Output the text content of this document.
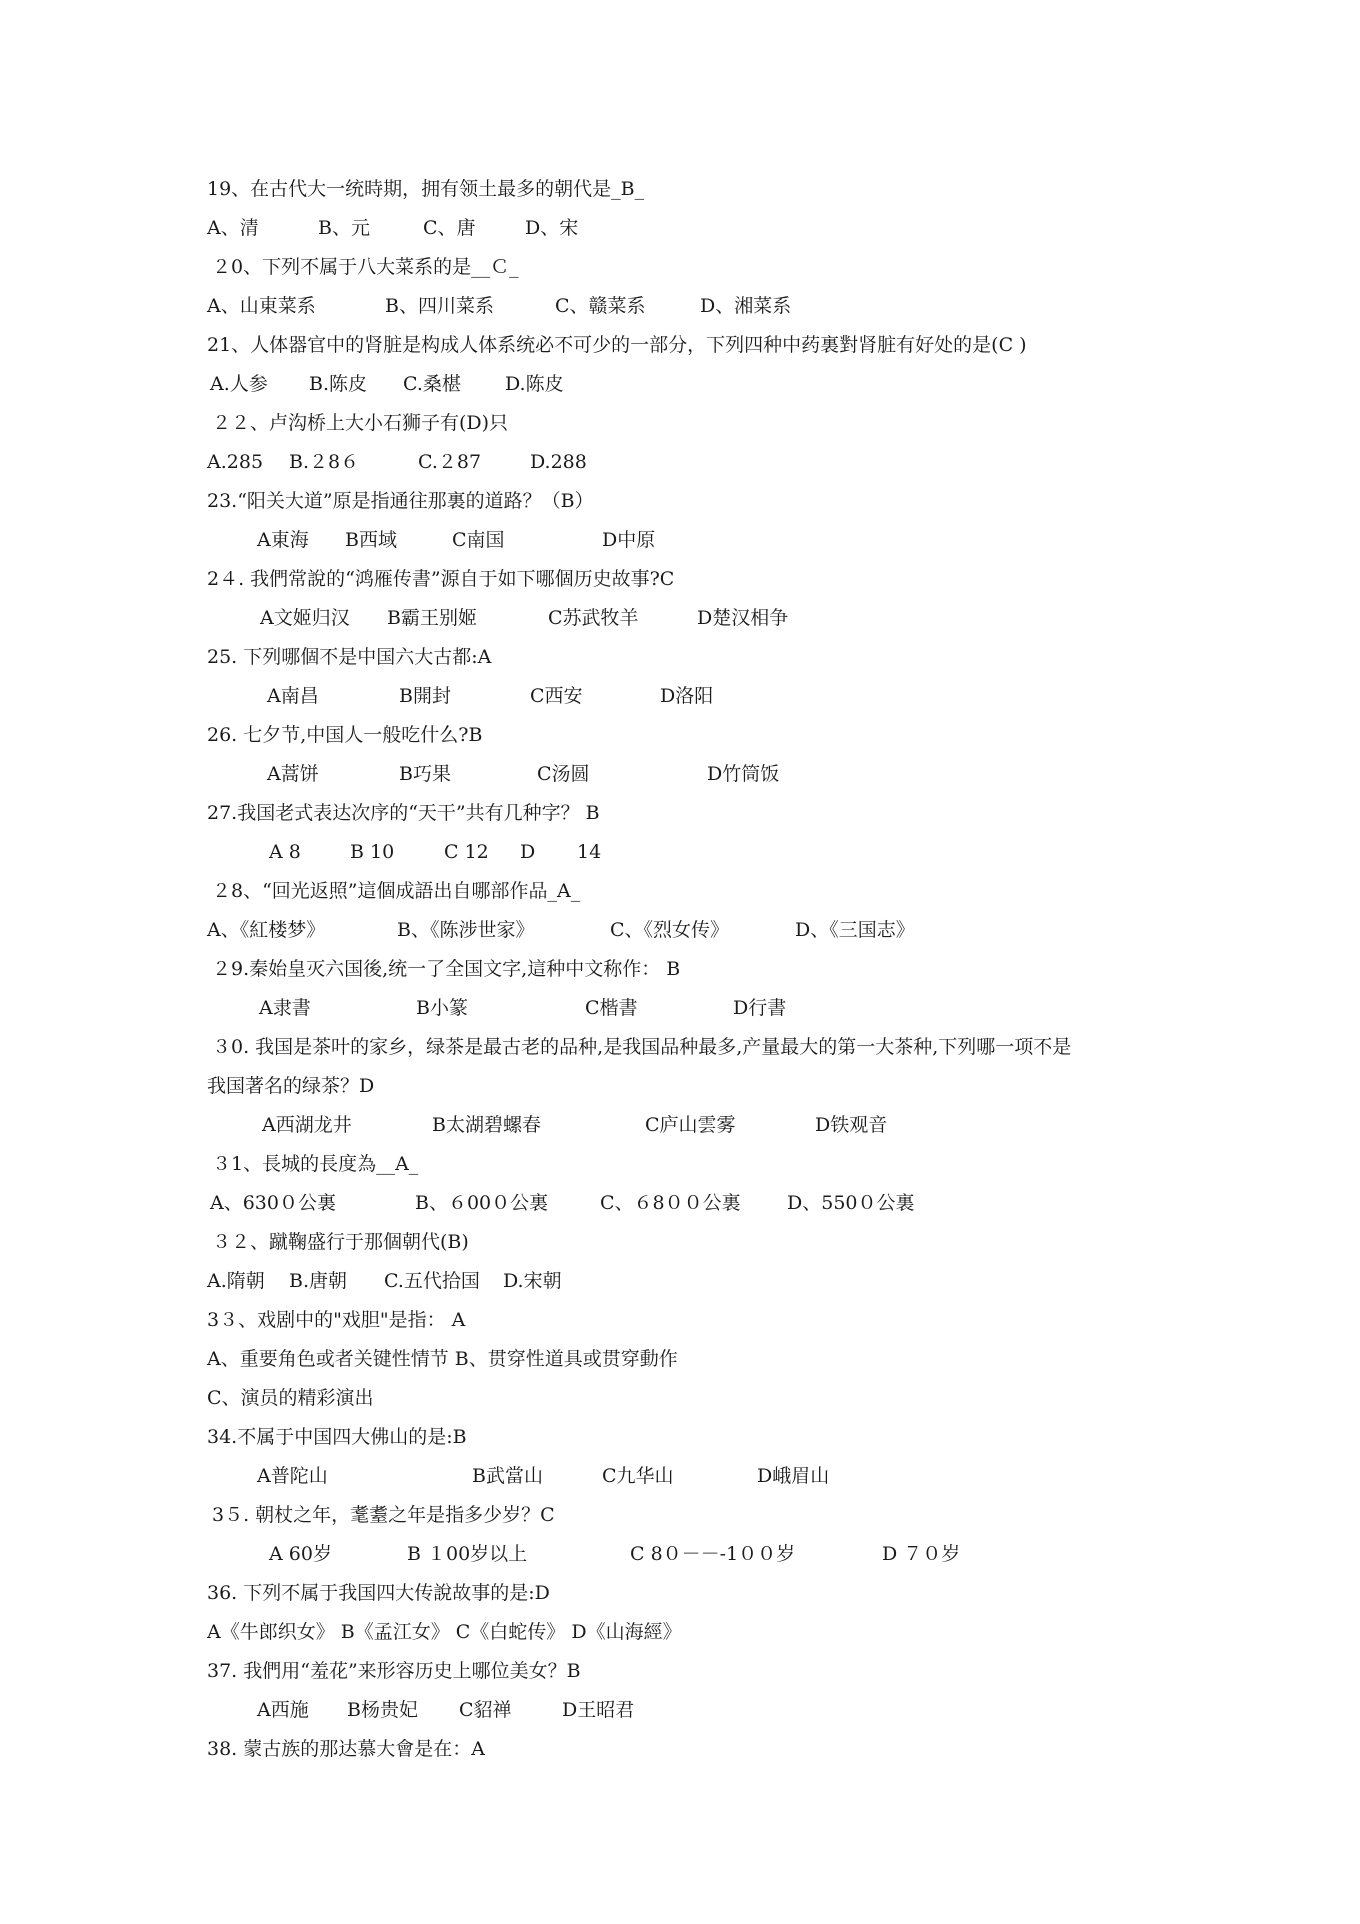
19、在古代大一统時期，拥有领土最多的朝代是_B_
A、清	B、元	C、唐	D、宋
２0、下列不属于八大菜系的是__Ｃ_
A、山東菜系	B、四川菜系	C、赣菜系	D、湘菜系
21、人体器官中的肾脏是构成人体系统必不可少的一部分，下列四种中药裏對肾脏有好处的是(C )
A.人参 B.陈皮 C.桑椹 D.陈皮
２２、卢沟桥上大小石狮子有(D)只
A.285 B.２8６	C.２87	D.288
23.“阳关大道”原是指通往那裏的道路？（B）
A東海 B西域	C南国	D中原
2４. 我們常說的“鸿雁传書”源自于如下哪個历史故事?C
A文姬归汉 B霸王别姬	C苏武牧羊	D楚汉相争
25. 下列哪個不是中国六大古都:A
A南昌	B開封	C西安	D洛阳
26. 七夕节,中国人一般吃什么?B
A蒿饼	B巧果	C汤圆	D竹筒饭
27.我国老式表达次序的“天干”共有几种字？ B
A 8	B 10	C 12 D 14
２8、“回光返照”這個成語出自哪部作品_A_
A、《紅楼梦》	B、《陈涉世家》	C、《烈女传》	D、《三国志》
２9.秦始皇灭六国後,统一了全国文字,這种中文称作： B
A隶書	B小篆	C楷書	D行書
３0. 我国是茶叶的家乡，绿茶是最古老的品种,是我国品种最多,产量最大的第一大茶种,下列哪一项不是
我国著名的绿茶？D
A西湖龙井	B太湖碧螺春	C庐山雲雾	D铁观音
３1、長城的長度為__A_
A、630０公裏	B、６00０公裏	C、６8００公裏 D、550０公裏
３２、蹴鞠盛行于那個朝代(B)
A.隋朝 B.唐朝 C.五代拾国 D.宋朝
3３、戏剧中的"戏胆"是指： A
A、重要角色或者关键性情节 B、贯穿性道具或贯穿動作
C、演员的精彩演出
34.不属于中国四大佛山的是:B
A普陀山	B武當山	C九华山	D峨眉山
3５. 朝杖之年，耄耋之年是指多少岁？C
A 60岁	B １00岁以上	C 8０－－-1００岁	D ７０岁
36. 下列不属于我国四大传說故事的是:D
A《牛郎织女》 B《孟江女》 C《白蛇传》 D《山海經》
37. 我們用“羞花”来形容历史上哪位美女？B
A西施 B杨贵妃 C貂禅	D王昭君
38. 蒙古族的那达慕大會是在：A
